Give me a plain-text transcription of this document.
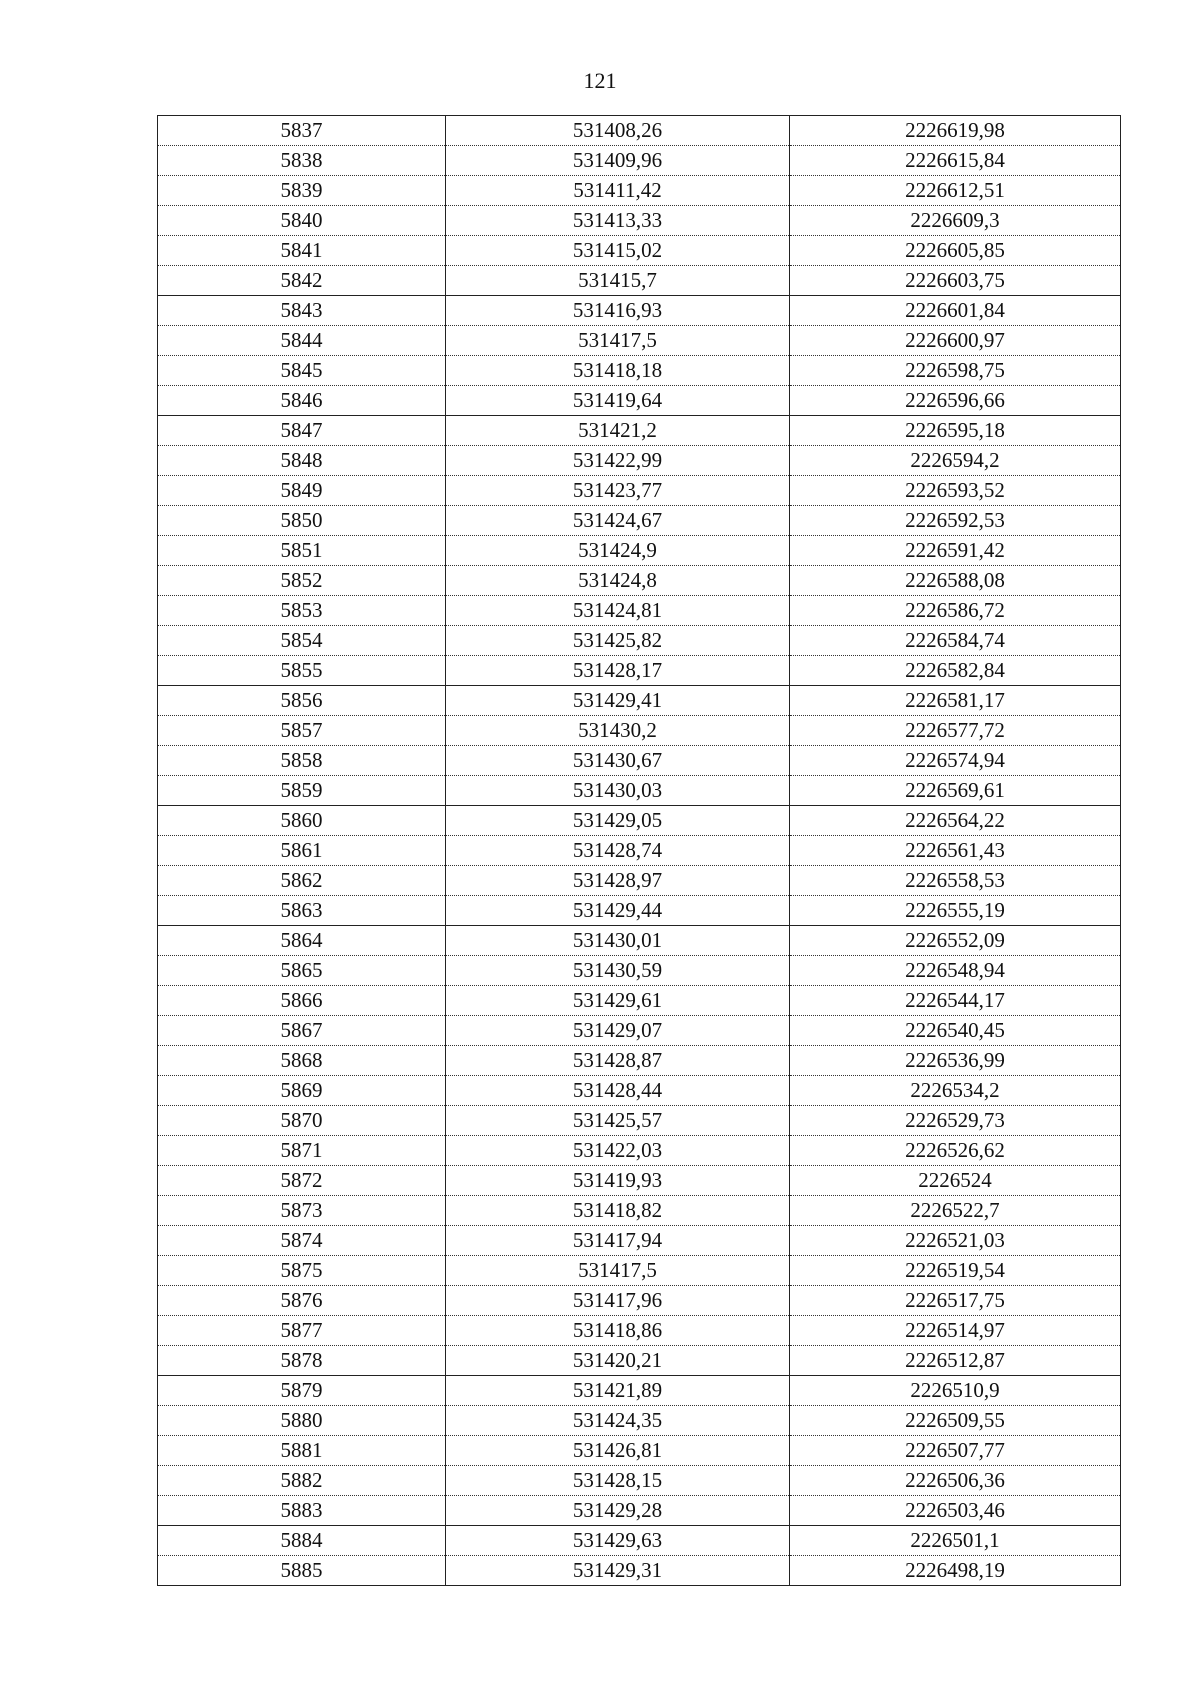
121
5837	531408,26	2226619,98
5838	531409,96	2226615,84
5839	531411,42	2226612,51
5840	531413,33	2226609,3
5841	531415,02	2226605,85
5842	531415,7	2226603,75
5843	531416,93	2226601,84
5844	531417,5	2226600,97
5845	531418,18	2226598,75
5846	531419,64	2226596,66
5847	531421,2	2226595,18
5848	531422,99	2226594,2
5849	531423,77	2226593,52
5850	531424,67	2226592,53
5851	531424,9	2226591,42
5852	531424,8	2226588,08
5853	531424,81	2226586,72
5854	531425,82	2226584,74
5855	531428,17	2226582,84
5856	531429,41	2226581,17
5857	531430,2	2226577,72
5858	531430,67	2226574,94
5859	531430,03	2226569,61
5860	531429,05	2226564,22
5861	531428,74	2226561,43
5862	531428,97	2226558,53
5863	531429,44	2226555,19
5864	531430,01	2226552,09
5865	531430,59	2226548,94
5866	531429,61	2226544,17
5867	531429,07	2226540,45
5868	531428,87	2226536,99
5869	531428,44	2226534,2
5870	531425,57	2226529,73
5871	531422,03	2226526,62
5872	531419,93	2226524
5873	531418,82	2226522,7
5874	531417,94	2226521,03
5875	531417,5	2226519,54
5876	531417,96	2226517,75
5877	531418,86	2226514,97
5878	531420,21	2226512,87
5879	531421,89	2226510,9
5880	531424,35	2226509,55
5881	531426,81	2226507,77
5882	531428,15	2226506,36
5883	531429,28	2226503,46
5884	531429,63	2226501,1
5885	531429,31	2226498,19
